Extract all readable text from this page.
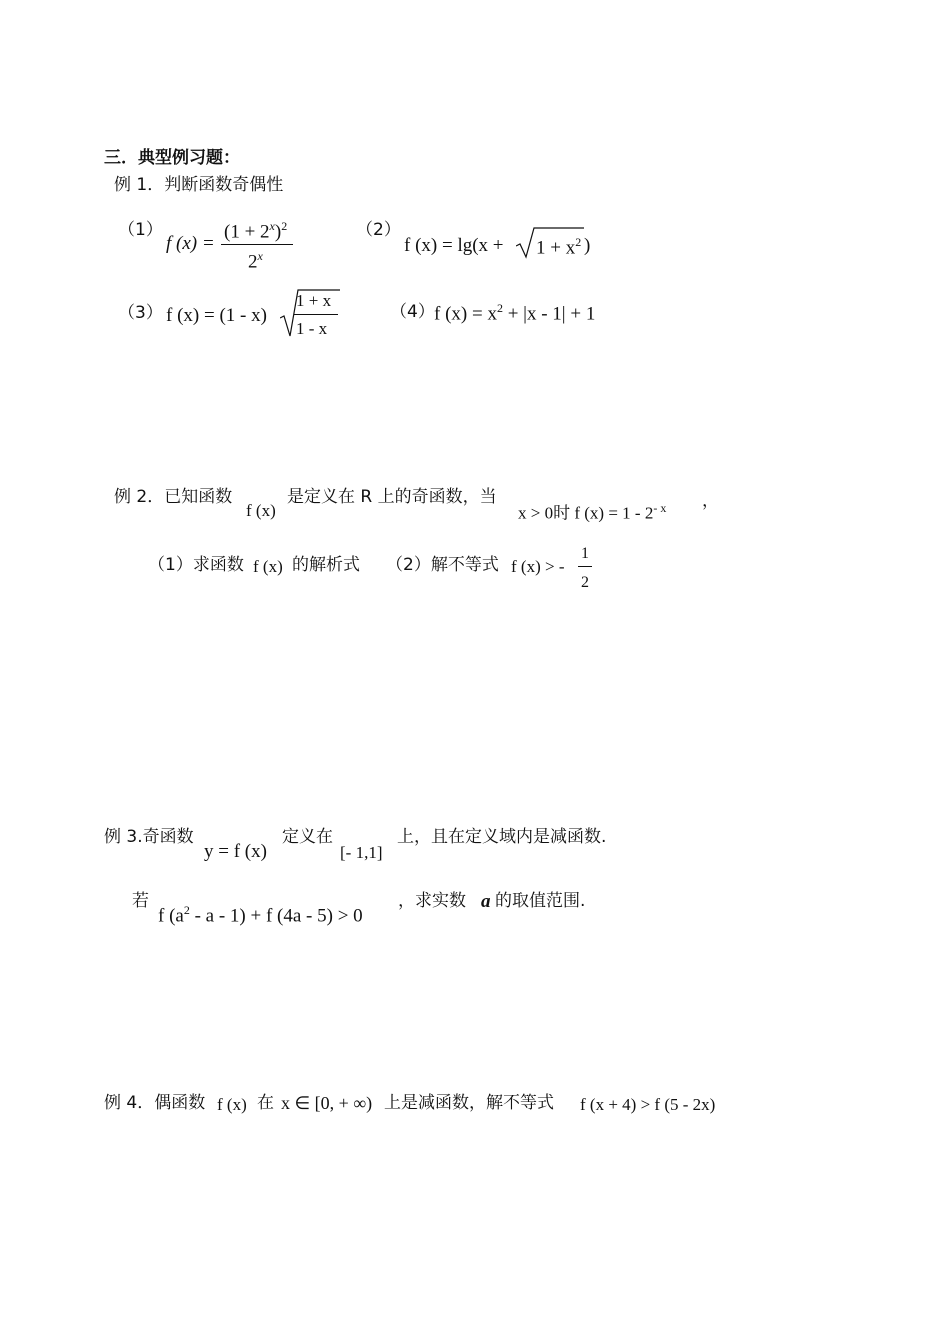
三．典型例习题：
例 1．判断函数奇偶性
（1）
f (x) =
$(1 + 2^x)^2$
2$^x$
（2）
f $(x) = \lg(x + 1 + x^2$ )
（3） f (x) = (1 - x)
1 + x
1 - x
（4） f $(x) = x^2 + |x - 1| + 1$
例 2．已知函数
f (x)
是定义在 R 上的奇函数，当
x > 0时 f $(x) = 1 - 2^{- x}$ ，
（1）求函数 f (x) 的解析式 （2）解不等式 f (x) > -
1
2
例 3.奇函数
y = f (x)
定义在
[- 1,1]
上，且在定义域内是减函数.
若
f $(a^2 - a - 1) + f$ (4a - 5) > 0
，求实数 a 的取值范围.
例 4．偶函数 f (x) 在 x ∈ [0, + ∞) 上是减函数，解不等式 f (x + 4) > f (5 - 2x)
